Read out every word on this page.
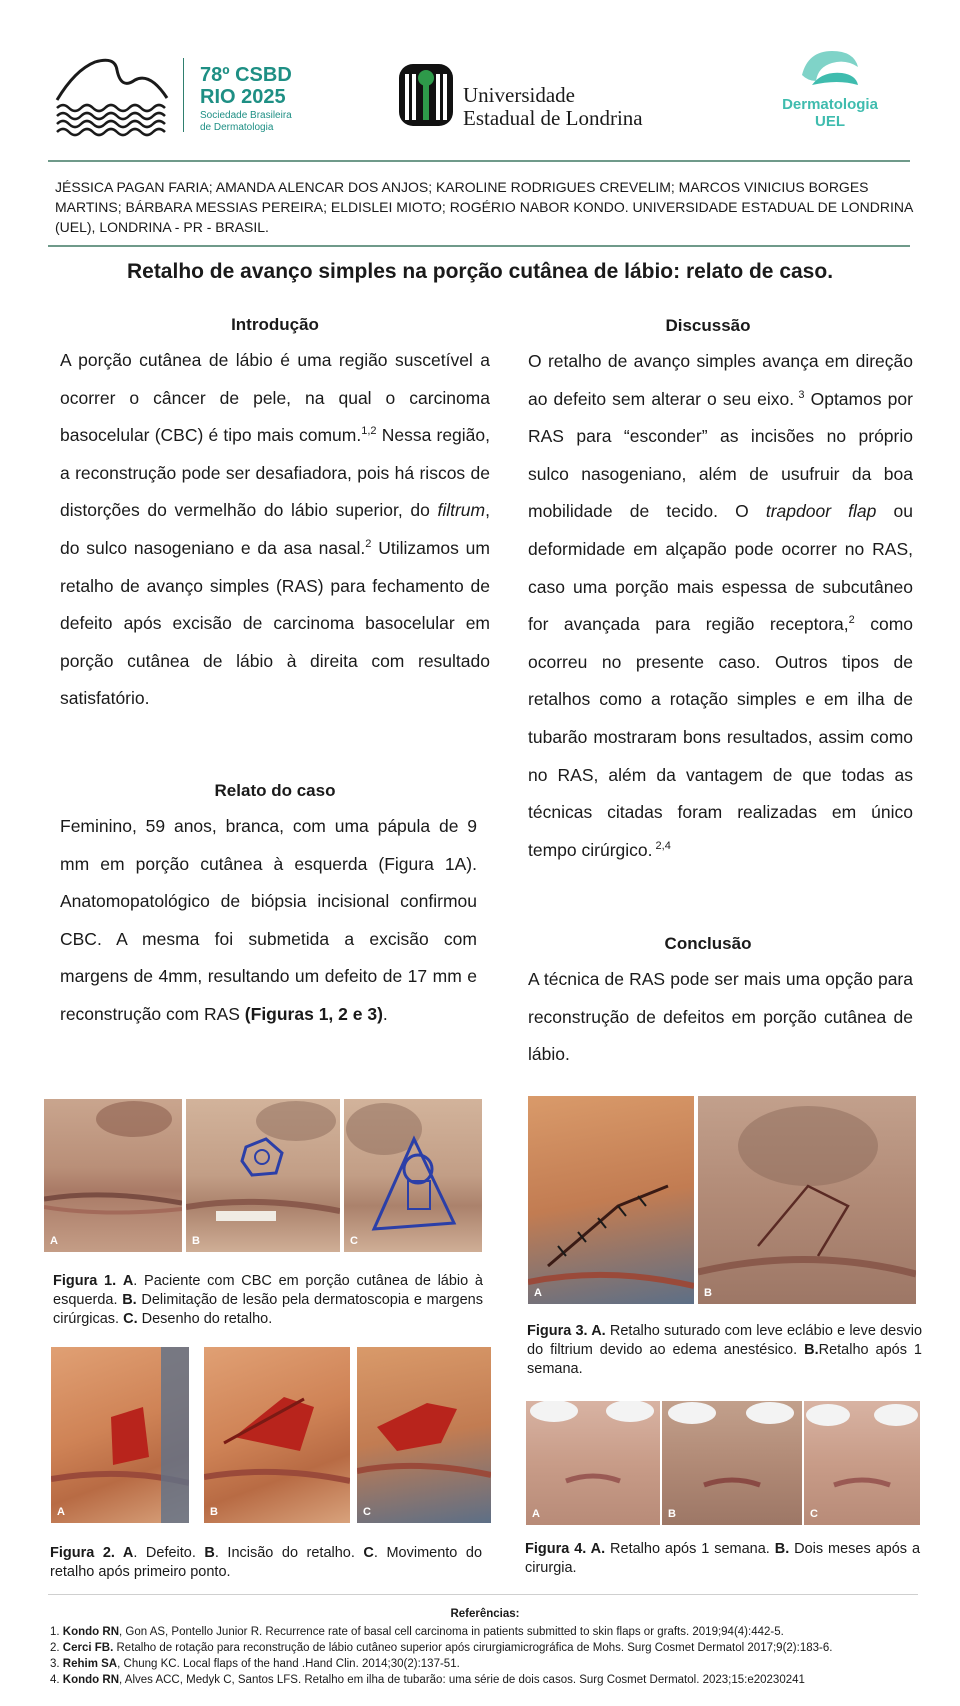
78º CSBD
RIO 2025
Sociedade Brasileira
de Dermatologia
Universidade
Estadual de Londrina
Dermatologia
UEL
JÉSSICA PAGAN FARIA; AMANDA ALENCAR DOS ANJOS; KAROLINE RODRIGUES CREVELIM; MARCOS VINICIUS BORGES MARTINS; BÁRBARA MESSIAS PEREIRA; ELDISLEI MIOTO; ROGÉRIO NABOR KONDO. UNIVERSIDADE ESTADUAL DE LONDRINA (UEL), LONDRINA - PR - BRASIL.
Retalho de avanço simples na porção cutânea de lábio: relato de caso.
Introdução

A porção cutânea de lábio é uma região suscetível a ocorrer o câncer de pele, na qual o carcinoma basocelular (CBC) é tipo mais comum.$^{1,2}$ Nessa região, a reconstrução pode ser desafiadora, pois há riscos de distorções do vermelhão do lábio superior, do filtrum, do sulco nasogeniano e da asa nasal.$^2$ Utilizamos um retalho de avanço simples (RAS) para fechamento de defeito após excisão de carcinoma basocelular em porção cutânea de lábio à direita com resultado satisfatório.

Relato do caso

Feminino, 59 anos, branca, com uma pápula de 9 mm em porção cutânea à esquerda (Figura 1A). Anatomopatológico de biópsia incisional confirmou CBC. A mesma foi submetida a excisão com margens de 4mm, resultando um defeito de 17 mm e reconstrução com RAS (Figuras 1, 2 e 3).

Discussão

O retalho de avanço simples avança em direção ao defeito sem alterar o seu eixo. $^3$ Optamos por RAS para “esconder” as incisões no próprio sulco nasogeniano, além de usufruir da boa mobilidade de tecido. O trapdoor flap ou deformidade em alçapão pode ocorrer no RAS, caso uma porção mais espessa de subcutâneo for avançada para região receptora,$^2$ como ocorreu no presente caso. Outros tipos de retalhos como a rotação simples e em ilha de tubarão mostraram bons resultados, assim como no RAS, além da vantagem de que todas as técnicas citadas foram realizadas em único tempo cirúrgico. $^{2,4}$

Conclusão
A técnica de RAS pode ser mais uma opção para reconstrução de defeitos em porção cutânea de lábio.
A	B	C
Figura 1. A. Paciente com CBC em porção cutânea de lábio à esquerda. B. Delimitação de lesão pela dermatoscopia e margens cirúrgicas. C. Desenho do retalho.
A	B	C
Figura 2. A. Defeito. B. Incisão do retalho. C. Movimento do retalho após primeiro ponto.
A	B
Figura 3. A. Retalho suturado com leve eclábio e leve desvio do filtrium devido ao edema anestésico. B.Retalho após 1 semana.
A	B	C
Figura 4. A. Retalho após 1 semana. B. Dois meses após a cirurgia.
Referências:
1. Kondo RN, Gon AS, Pontello Junior R. Recurrence rate of basal cell carcinoma in patients submitted to skin flaps or grafts. 2019;94(4):442-5.
2. Cerci FB. Retalho de rotação para reconstrução de lábio cutâneo superior após cirurgiamicrográfica de Mohs. Surg Cosmet Dermatol 2017;9(2):183-6.
3. Rehim SA, Chung KC. Local flaps of the hand .Hand Clin. 2014;30(2):137-51.
4. Kondo RN, Alves ACC, Medyk C, Santos LFS. Retalho em ilha de tubarão: uma série de dois casos. Surg Cosmet Dermatol. 2023;15:e20230241
